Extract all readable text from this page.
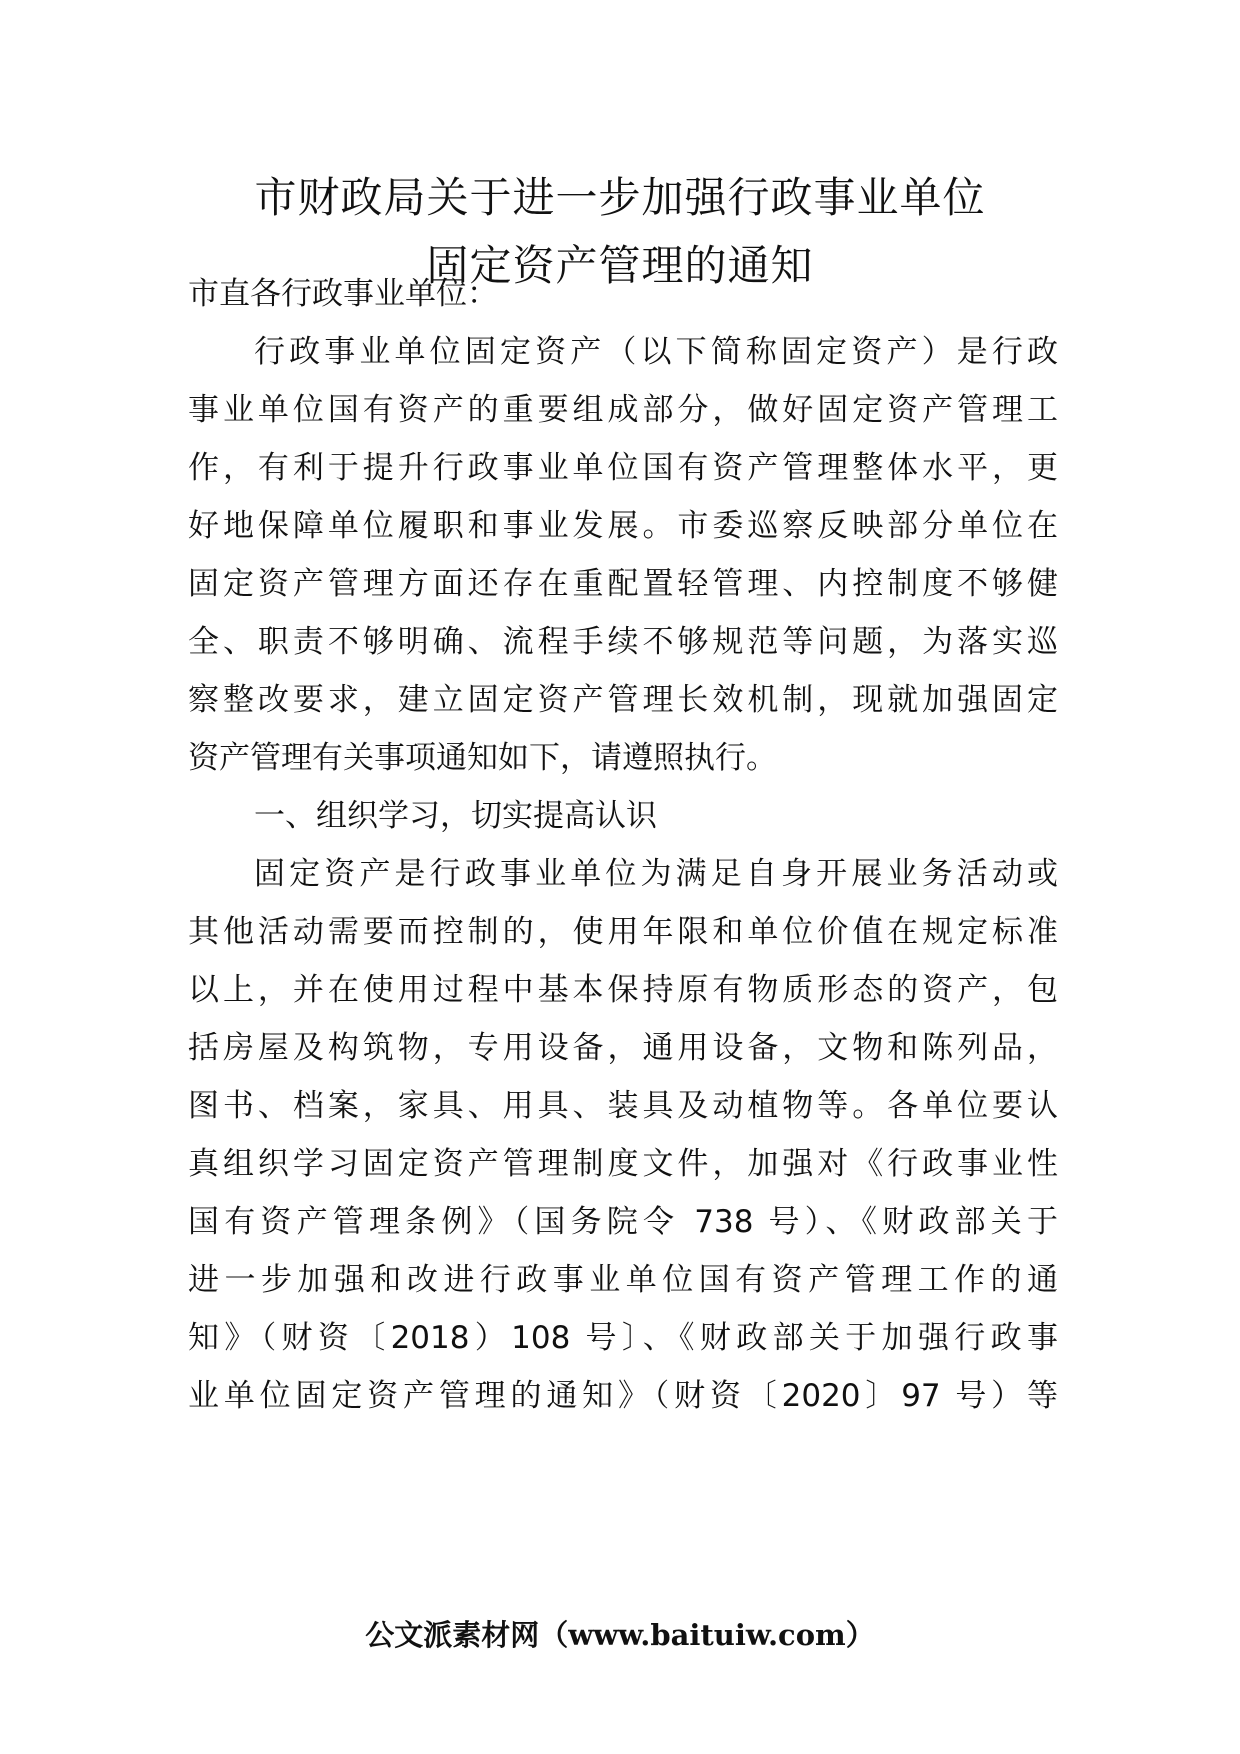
市财政局关于进一步加强行政事业单位
固定资产管理的通知
市直各行政事业单位：
行政事业单位固定资产（以下简称固定资产）是行政
事业单位国有资产的重要组成部分，做好固定资产管理工
作，有利于提升行政事业单位国有资产管理整体水平，更
好地保障单位履职和事业发展。市委巡察反映部分单位在
固定资产管理方面还存在重配置轻管理、内控制度不够健
全、职责不够明确、流程手续不够规范等问题，为落实巡
察整改要求，建立固定资产管理长效机制，现就加强固定
资产管理有关事项通知如下，请遵照执行。
一、组织学习，切实提高认识
固定资产是行政事业单位为满足自身开展业务活动或
其他活动需要而控制的，使用年限和单位价值在规定标准
以上，并在使用过程中基本保持原有物质形态的资产，包
括房屋及构筑物，专用设备，通用设备，文物和陈列品，
图书、档案，家具、用具、装具及动植物等。各单位要认
真组织学习固定资产管理制度文件，加强对《行政事业性
国有资产管理条例》（国务院令 738 号）、《财政部关于
进一步加强和改进行政事业单位国有资产管理工作的通
知》（财资〔2018）108 号〕、《财政部关于加强行政事
业单位固定资产管理的通知》（财资〔2020〕97 号）等
公文派素材网（www.baituiw.com）
